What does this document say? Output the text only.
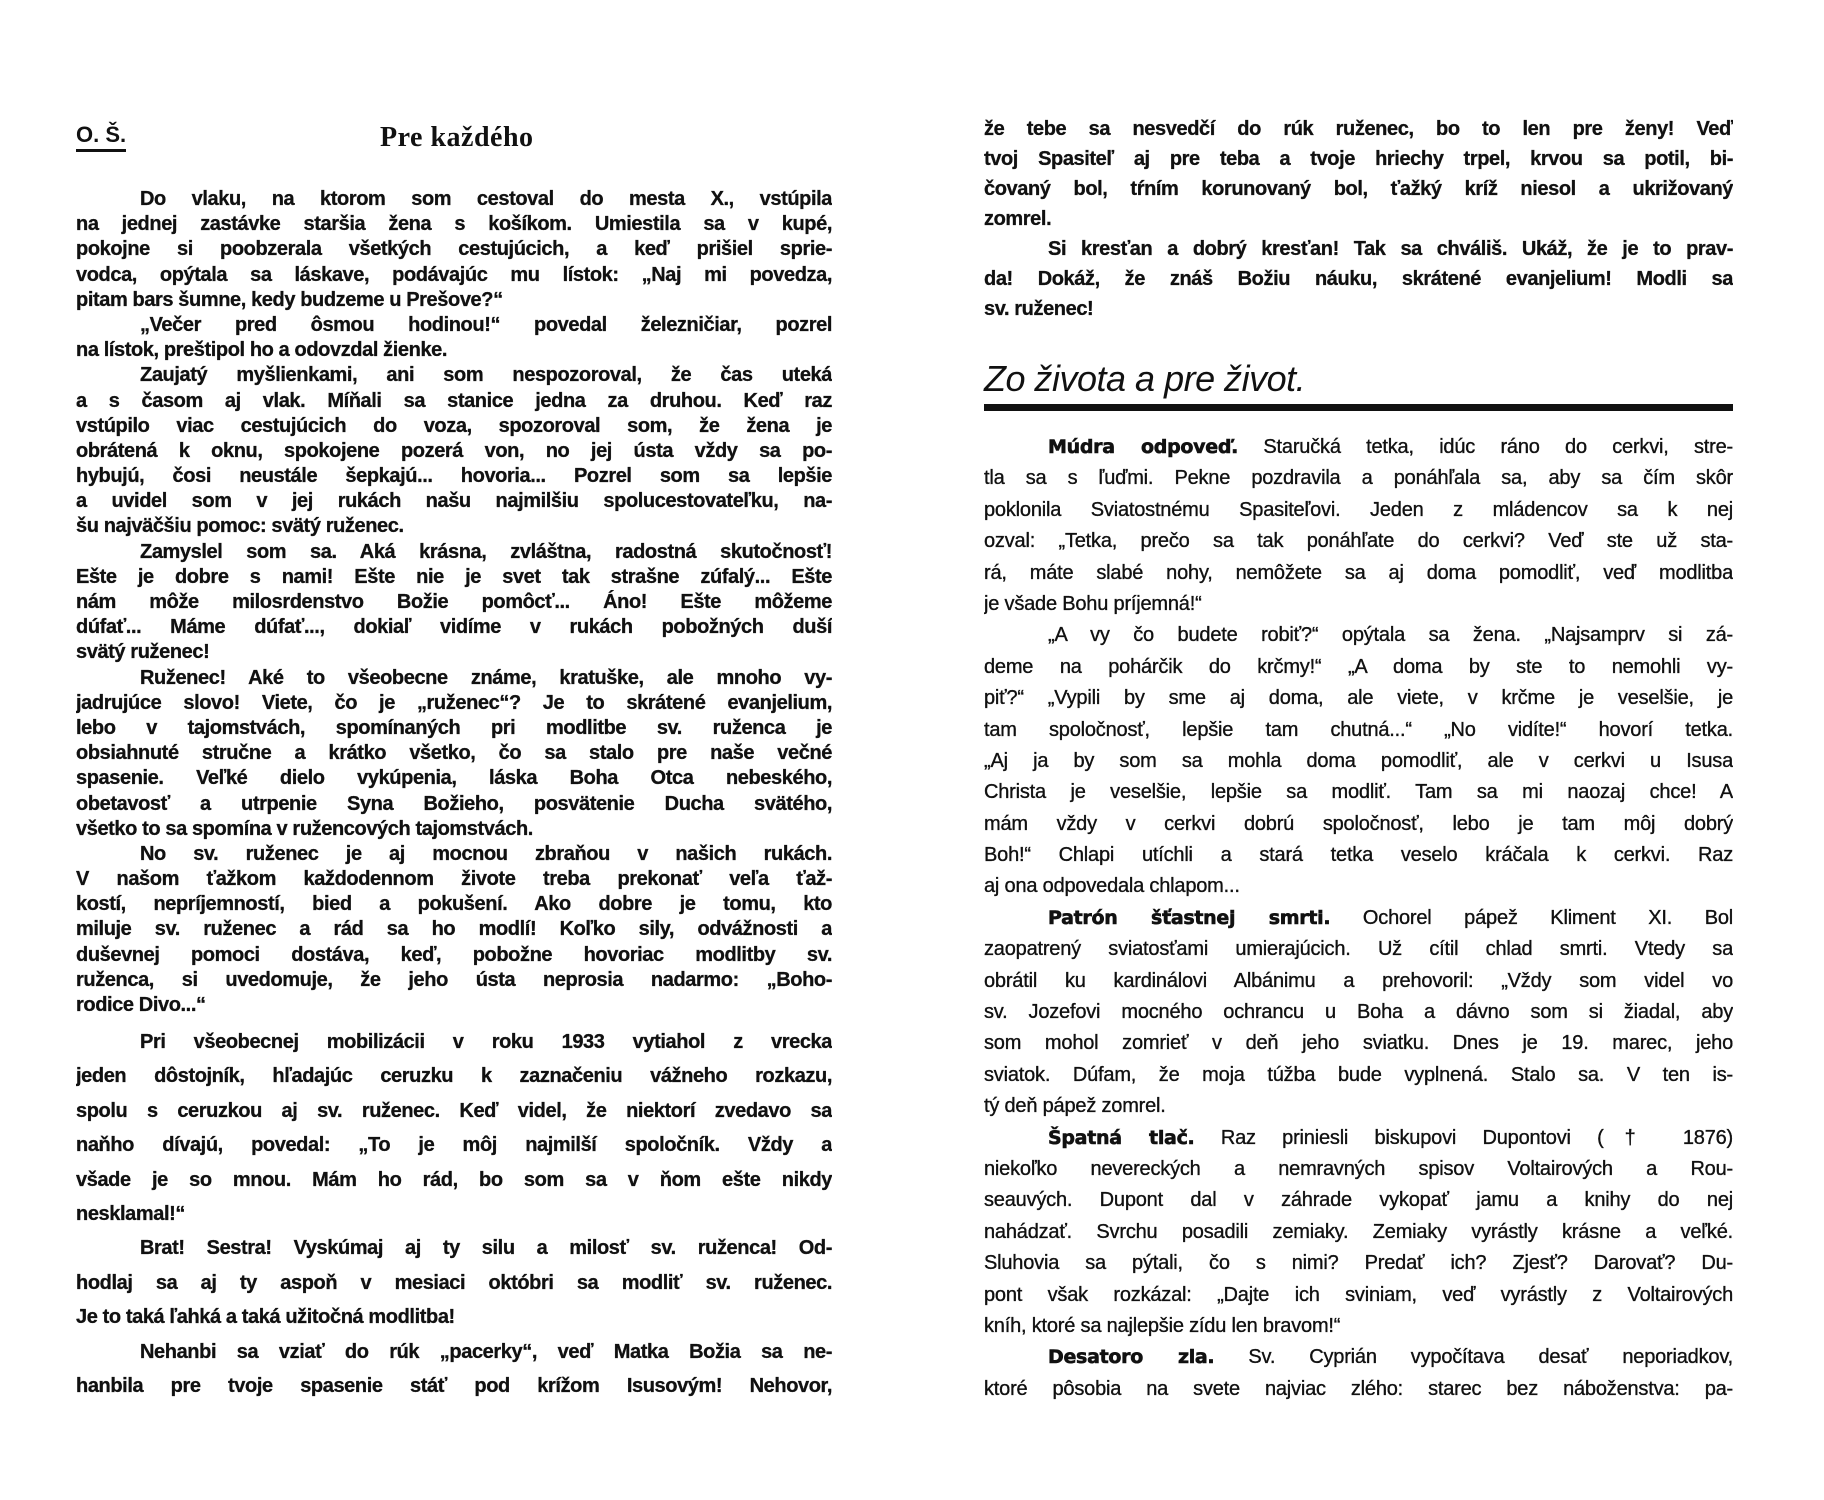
O. Š.	Pre každého
Do vlaku, na ktorom som cestoval do mesta X., vstúpila
na jednej zastávke staršia žena s košíkom. Umiestila sa v kupé,
pokojne si poobzerala všetkých cestujúcich, a keď prišiel sprie-
vodca, opýtala sa láskave, podávajúc mu lístok: „Naj mi povedza,
pitam bars šumne, kedy budzeme u Prešove?“
„Večer pred ôsmou hodinou!“ povedal železničiar, pozrel
na lístok, preštipol ho a odovzdal žienke.
Zaujatý myšlienkami, ani som nespozoroval, že čas uteká
a s časom aj vlak. Míňali sa stanice jedna za druhou. Keď raz
vstúpilo viac cestujúcich do voza, spozoroval som, že žena je
obrátená k oknu, spokojene pozerá von, no jej ústa vždy sa po-
hybujú, čosi neustále šepkajú... hovoria... Pozrel som sa lepšie
a uvidel som v jej rukách našu najmilšiu spolucestovateľku, na-
šu najväčšiu pomoc: svätý ruženec.
Zamyslel som sa. Aká krásna, zvláštna, radostná skutočnosť!
Ešte je dobre s nami! Ešte nie je svet tak strašne zúfalý... Ešte
nám môže milosrdenstvo Božie pomôcť... Áno! Ešte môžeme
dúfať... Máme dúfať..., dokiaľ vidíme v rukách pobožných duší
svätý ruženec!
Ruženec! Aké to všeobecne známe, kratuške, ale mnoho vy-
jadrujúce slovo! Viete, čo je „ruženec“? Je to skrátené evanjelium,
lebo v tajomstvách, spomínaných pri modlitbe sv. ruženca je
obsiahnuté stručne a krátko všetko, čo sa stalo pre naše večné
spasenie. Veľké dielo vykúpenia, láska Boha Otca nebeského,
obetavosť a utrpenie Syna Božieho, posvätenie Ducha svätého,
všetko to sa spomína v ružencových tajomstvách.
No sv. ruženec je aj mocnou zbraňou v našich rukách.
V našom ťažkom každodennom živote treba prekonať veľa ťaž-
kostí, nepríjemností, bied a pokušení. Ako dobre je tomu, kto
miluje sv. ruženec a rád sa ho modlí! Koľko sily, odvážnosti a
duševnej pomoci dostáva, keď, pobožne hovoriac modlitby sv.
ruženca, si uvedomuje, že jeho ústa neprosia nadarmo: „Boho-
rodice Divo...“
Pri všeobecnej mobilizácii v roku 1933 vytiahol z vrecka
jeden dôstojník, hľadajúc ceruzku k zaznačeniu vážneho rozkazu,
spolu s ceruzkou aj sv. ruženec. Keď videl, že niektorí zvedavo sa
naňho dívajú, povedal: „To je môj najmilší spoločník. Vždy a
všade je so mnou. Mám ho rád, bo som sa v ňom ešte nikdy
nesklamal!“
Brat! Sestra! Vyskúmaj aj ty silu a milosť sv. ruženca! Od-
hodlaj sa aj ty aspoň v mesiaci októbri sa modliť sv. ruženec.
Je to taká ľahká a taká užitočná modlitba!
Nehanbi sa vziať do rúk „pacerky“, veď Matka Božia sa ne-
hanbila pre tvoje spasenie stáť pod krížom Isusovým! Nehovor,
že tebe sa nesvedčí do rúk ruženec, bo to len pre ženy! Veď
tvoj Spasiteľ aj pre teba a tvoje hriechy trpel, krvou sa potil, bi-
čovaný bol, tŕním korunovaný bol, ťažký kríž niesol a ukrižovaný
zomrel.
Si kresťan a dobrý kresťan! Tak sa chváliš. Ukáž, že je to prav-
da! Dokáž, že znáš Božiu náuku, skrátené evanjelium! Modli sa
sv. ruženec!
Zo života a pre život.
Múdra odpoveď. Staručká tetka, idúc ráno do cerkvi, stre-
tla sa s ľuďmi. Pekne pozdravila a ponáhľala sa, aby sa čím skôr
poklonila Sviatostnému Spasiteľovi. Jeden z mládencov sa k nej
ozval: „Tetka, prečo sa tak ponáhľate do cerkvi? Veď ste už sta-
rá, máte slabé nohy, nemôžete sa aj doma pomodliť, veď modlitba
je všade Bohu príjemná!“
„A vy čo budete robiť?“ opýtala sa žena. „Najsamprv si zá-
deme na pohárčik do krčmy!“ „A doma by ste to nemohli vy-
piť?“ „Vypili by sme aj doma, ale viete, v krčme je veselšie, je
tam spoločnosť, lepšie tam chutná...“ „No vidíte!“ hovorí tetka.
„Aj ja by som sa mohla doma pomodliť, ale v cerkvi u Isusa
Christa je veselšie, lepšie sa modliť. Tam sa mi naozaj chce! A
mám vždy v cerkvi dobrú spoločnosť, lebo je tam môj dobrý
Boh!“ Chlapi utíchli a stará tetka veselo kráčala k cerkvi. Raz
aj ona odpovedala chlapom...
Patrón šťastnej smrti. Ochorel pápež Kliment XI. Bol
zaopatrený sviatosťami umierajúcich. Už cítil chlad smrti. Vtedy sa
obrátil ku kardinálovi Albánimu a prehovoril: „Vždy som videl vo
sv. Jozefovi mocného ochrancu u Boha a dávno som si žiadal, aby
som mohol zomrieť v deň jeho sviatku. Dnes je 19. marec, jeho
sviatok. Dúfam, že moja túžba bude vyplnená. Stalo sa. V ten is-
tý deň pápež zomrel.
Špatná tlač. Raz priniesli biskupovi Dupontovi († 1876)
niekoľko nevereckých a nemravných spisov Voltairových a Rou-
seauvých. Dupont dal v záhrade vykopať jamu a knihy do nej
nahádzať. Svrchu posadili zemiaky. Zemiaky vyrástly krásne a veľké.
Sluhovia sa pýtali, čo s nimi? Predať ich? Zjesť? Darovať? Du-
pont však rozkázal: „Dajte ich sviniam, veď vyrástly z Voltairových
kníh, ktoré sa najlepšie zídu len bravom!“
Desatoro zla. Sv. Cyprián vypočítava desať neporiadkov,
ktoré pôsobia na svete najviac zlého: starec bez náboženstva: pa-
